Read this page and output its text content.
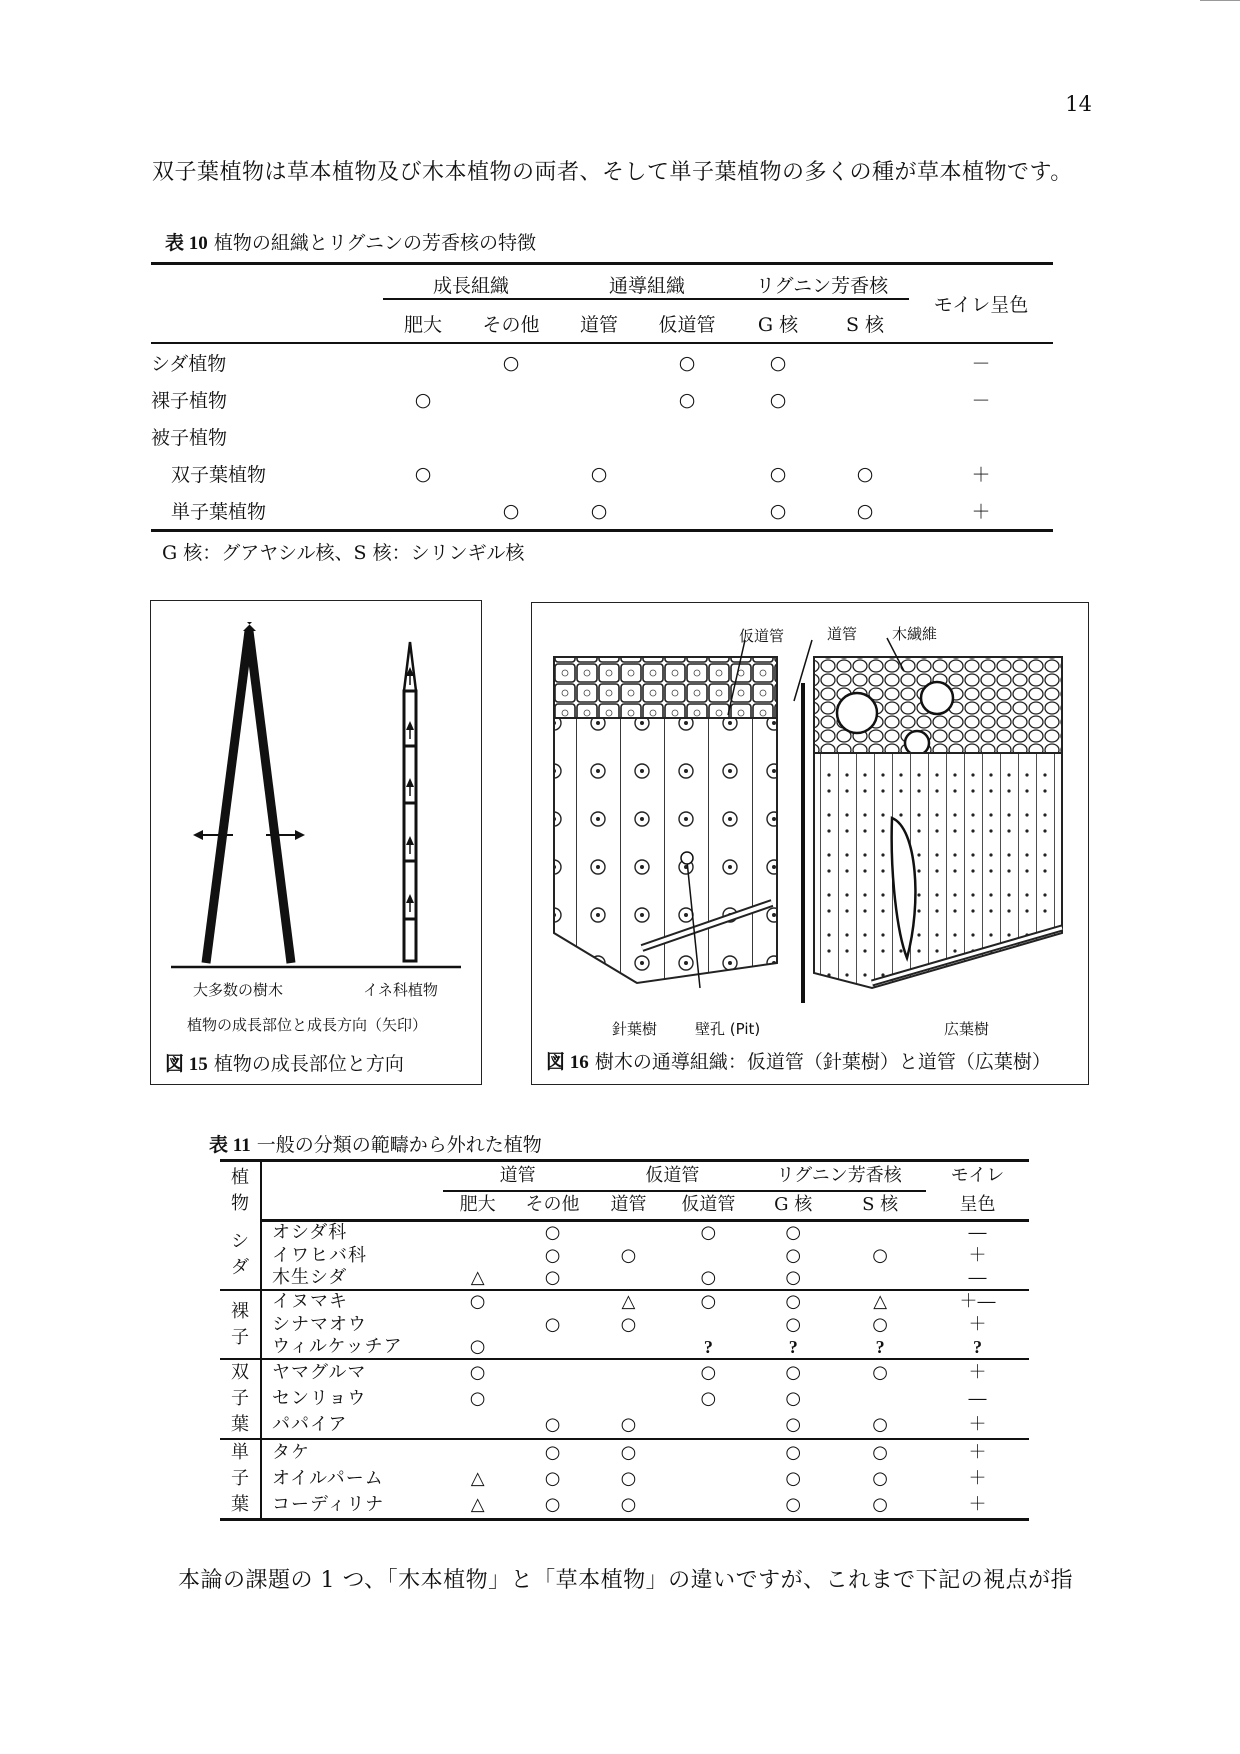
14
双子葉植物は草本植物及び木本植物の両者、そして単子葉植物の多くの種が草本植物です。
表 10 植物の組織とリグニンの芳香核の特徴
	成長組織		通導組織		リグニン芳香核		モイレ呈色
	肥大	その他	道管	仮道管	G 核	S 核	
シダ植物		○		○	○		－
裸子植物	○			○	○		－
被子植物							
双子葉植物	○		○		○	○	＋
単子葉植物		○	○		○	○	＋
G 核：グアヤシル核、S 核：シリンギル核
大多数の樹木	イネ科植物
植物の成長部位と成長方向（矢印）
図 15 植物の成長部位と方向
仮道管	道管 木繊維
針葉樹	壁孔 (Pit)	広葉樹
図 16 樹木の通導組織：仮道管（針葉樹）と道管（広葉樹）
表 11 一般の分類の範疇から外れた植物
植物		道管		仮道管		リグニン芳香核		モイレ
		肥大	その他	道管	仮道管	G 核	S 核	呈色
シダ	オシダ科		○		○	○		―
	イワヒバ科		○	○		○	○	＋
	木生シダ	△	○		○	○		―
裸子	イヌマキ	○		△	○	○	△	＋―
	シナマオウ		○	○		○	○	＋
	ウィルケッチア	○			?	?	?	?
双子葉	ヤマグルマ	○			○	○	○	＋
	センリョウ	○			○	○		―
	パパイア		○	○		○	○	＋
単子葉	タケ		○	○		○	○	＋
	オイルパーム	△	○	○		○	○	＋
	コーディリナ	△	○	○		○	○	＋
本論の課題の 1 つ、「木本植物」と「草本植物」の違いですが、これまで下記の視点が指
